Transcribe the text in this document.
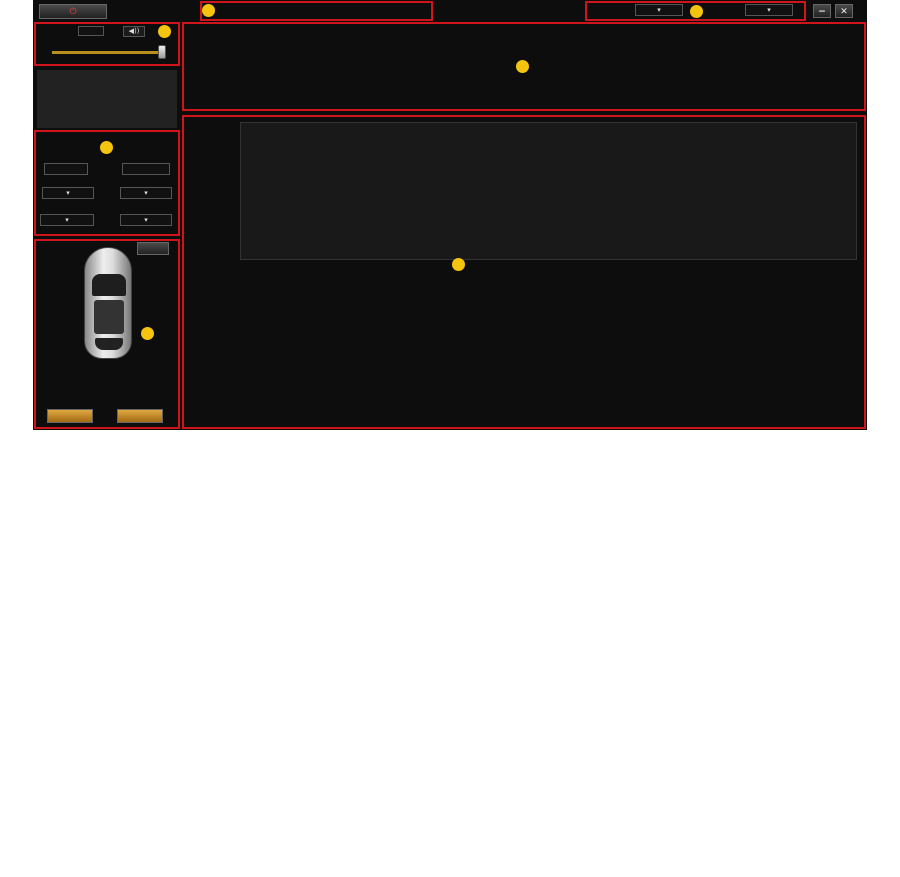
⏻	▾	▾	−	✕
◀))
▾	▾
▾	▾
